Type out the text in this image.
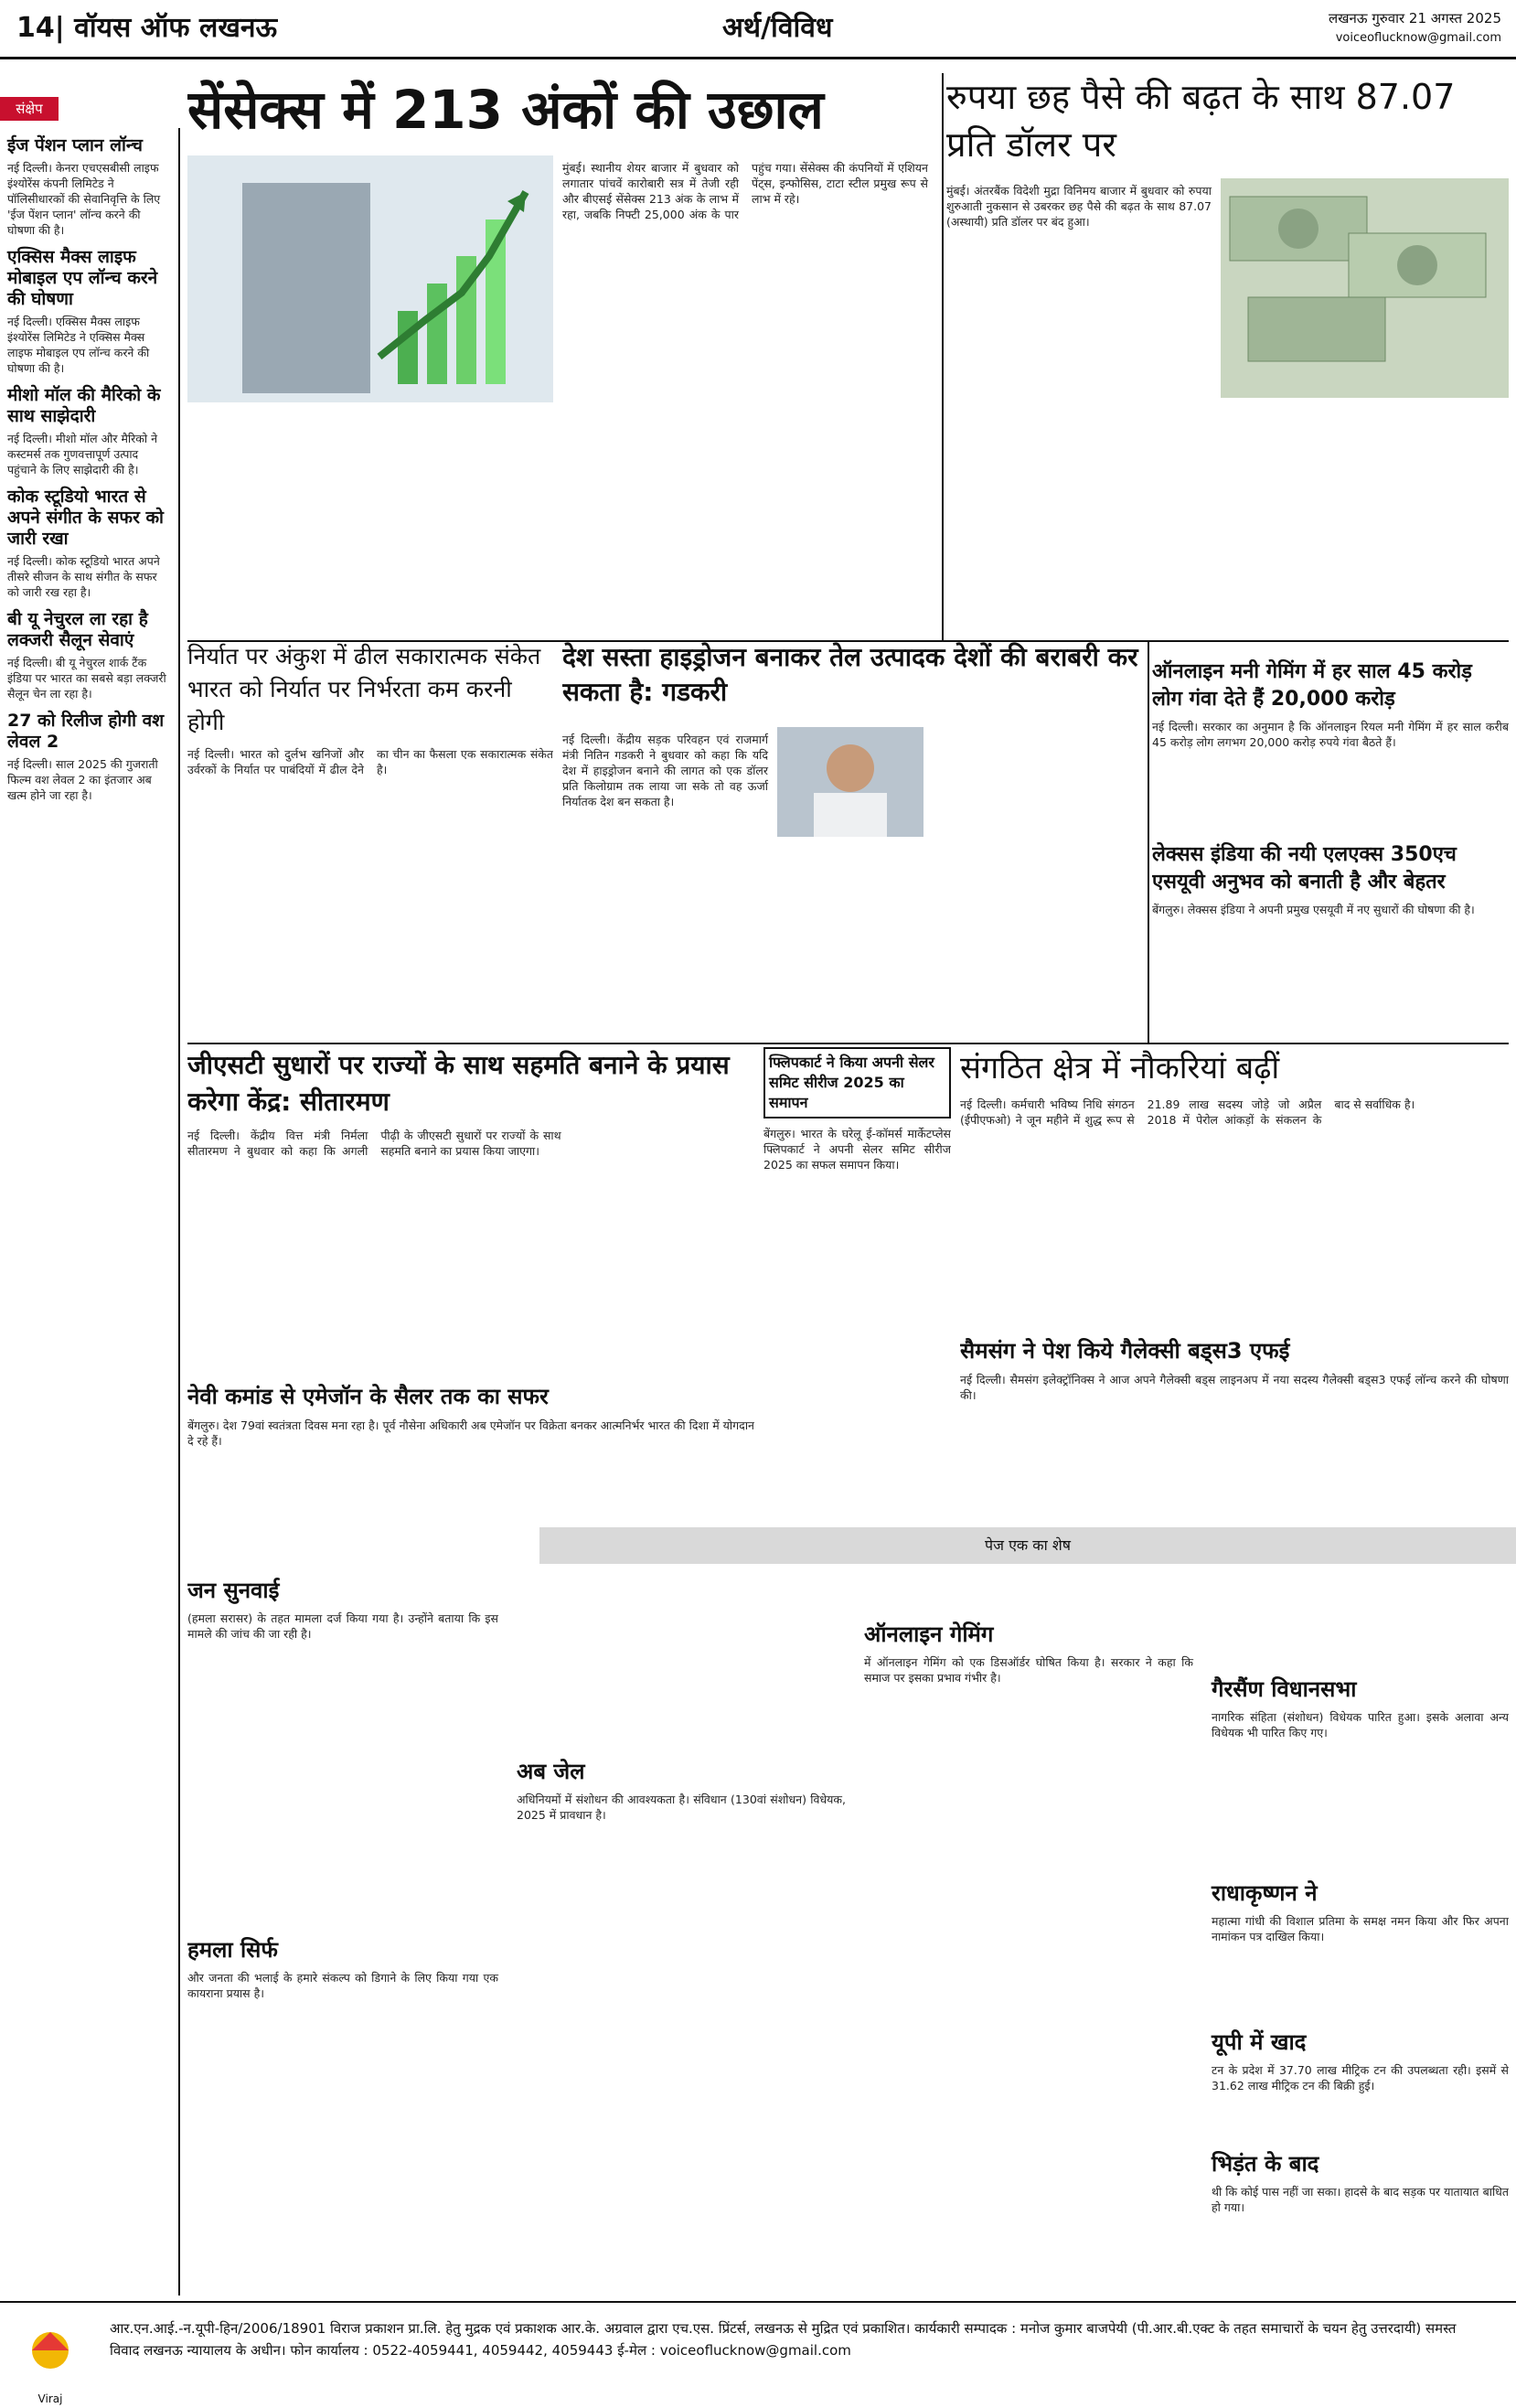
14| वॉयस ऑफ लखनऊ	अर्थ/विविध	लखनऊ गुरुवार 21 अगस्त 2025
voiceoflucknow@gmail.com
संक्षेप
ईज पेंशन प्लान लॉन्च

नई दिल्ली। केनरा एचएसबीसी लाइफ इंश्योरेंस कंपनी लिमिटेड ने पॉलिसीधारकों की सेवानिवृत्ति के लिए 'ईज पेंशन प्लान' लॉन्च करने की घोषणा की है।

एक्सिस मैक्स लाइफ मोबाइल एप लॉन्च करने की घोषणा

नई दिल्ली। एक्सिस मैक्स लाइफ इंश्योरेंस लिमिटेड ने एक्सिस मैक्स लाइफ मोबाइल एप लॉन्च करने की घोषणा की है।

मीशो मॉल की मैरिको के साथ साझेदारी

नई दिल्ली। मीशो मॉल और मैरिको ने कस्टमर्स तक गुणवत्तापूर्ण उत्पाद पहुंचाने के लिए साझेदारी की है।

कोक स्टूडियो भारत से अपने संगीत के सफर को जारी रखा

नई दिल्ली। कोक स्टूडियो भारत अपने तीसरे सीजन के साथ संगीत के सफर को जारी रख रहा है।

बी यू नेचुरल ला रहा है लक्जरी सैलून सेवाएं

नई दिल्ली। बी यू नेचुरल शार्क टैंक इंडिया पर भारत का सबसे बड़ा लक्जरी सैलून चेन ला रहा है।

27 को रिलीज होगी वश लेवल 2

नई दिल्ली। साल 2025 की गुजराती फिल्म वश लेवल 2 का इंतजार अब खत्म होने जा रहा है।

सेंसेक्स में 213 अंकों की उछाल
मुंबई। स्थानीय शेयर बाजार में बुधवार को लगातार पांचवें कारोबारी सत्र में तेजी रही और बीएसई सेंसेक्स 213 अंक के लाभ में रहा, जबकि निफ्टी 25,000 अंक के पार पहुंच गया। सेंसेक्स की कंपनियों में एशियन पेंट्स, इन्फोसिस, टाटा स्टील प्रमुख रूप से लाभ में रहे।
रुपया छह पैसे की बढ़त के साथ 87.07 प्रति डॉलर पर
मुंबई। अंतरबैंक विदेशी मुद्रा विनिमय बाजार में बुधवार को रुपया शुरुआती नुकसान से उबरकर छह पैसे की बढ़त के साथ 87.07 (अस्थायी) प्रति डॉलर पर बंद हुआ।
निर्यात पर अंकुश में ढील सकारात्मक संकेत भारत को निर्यात पर निर्भरता कम करनी होगी
नई दिल्ली। भारत को दुर्लभ खनिजों और उर्वरकों के निर्यात पर पाबंदियों में ढील देने का चीन का फैसला एक सकारात्मक संकेत है।
देश सस्ता हाइड्रोजन बनाकर तेल उत्पादक देशों की बराबरी कर सकता है: गडकरी
नई दिल्ली। केंद्रीय सड़क परिवहन एवं राजमार्ग मंत्री नितिन गडकरी ने बुधवार को कहा कि यदि देश में हाइड्रोजन बनाने की लागत को एक डॉलर प्रति किलोग्राम तक लाया जा सके तो वह ऊर्जा निर्यातक देश बन सकता है।
ऑनलाइन मनी गेमिंग में हर साल 45 करोड़ लोग गंवा देते हैं 20,000 करोड़
नई दिल्ली। सरकार का अनुमान है कि ऑनलाइन रियल मनी गेमिंग में हर साल करीब 45 करोड़ लोग लगभग 20,000 करोड़ रुपये गंवा बैठते हैं।
लेक्सस इंडिया की नयी एलएक्स 350एच एसयूवी अनुभव को बनाती है और बेहतर
बेंगलुरु। लेक्सस इंडिया ने अपनी प्रमुख एसयूवी में नए सुधारों की घोषणा की है।
जीएसटी सुधारों पर राज्यों के साथ सहमति बनाने के प्रयास करेगा केंद्र: सीतारमण
नई दिल्ली। केंद्रीय वित्त मंत्री निर्मला सीतारमण ने बुधवार को कहा कि अगली पीढ़ी के जीएसटी सुधारों पर राज्यों के साथ सहमति बनाने का प्रयास किया जाएगा।
फ्लिपकार्ट ने किया अपनी सेलर समिट सीरीज 2025 का समापन
बेंगलुरु। भारत के घरेलू ई-कॉमर्स मार्केटप्लेस फ्लिपकार्ट ने अपनी सेलर समिट सीरीज 2025 का सफल समापन किया।
संगठित क्षेत्र में नौकरियां बढ़ीं
नई दिल्ली। कर्मचारी भविष्य निधि संगठन (ईपीएफओ) ने जून महीने में शुद्ध रूप से 21.89 लाख सदस्य जोड़े जो अप्रैल 2018 में पेरोल आंकड़ों के संकलन के बाद से सर्वाधिक है।
नेवी कमांड से एमेजॉन के सैलर तक का सफर
बेंगलुरु। देश 79वां स्वतंत्रता दिवस मना रहा है। पूर्व नौसेना अधिकारी अब एमेजॉन पर विक्रेता बनकर आत्मनिर्भर भारत की दिशा में योगदान दे रहे हैं।
सैमसंग ने पेश किये गैलेक्सी बड्स3 एफई
नई दिल्ली। सैमसंग इलेक्ट्रॉनिक्स ने आज अपने गैलेक्सी बड्स लाइनअप में नया सदस्य गैलेक्सी बड्स3 एफई लॉन्च करने की घोषणा की।
पेज एक का शेष
जन सुनवाई
(हमला सरासर) के तहत मामला दर्ज किया गया है। उन्होंने बताया कि इस मामले की जांच की जा रही है।
हमला सिर्फ
और जनता की भलाई के हमारे संकल्प को डिगाने के लिए किया गया एक कायराना प्रयास है।
अब जेल
अधिनियमों में संशोधन की आवश्यकता है। संविधान (130वां संशोधन) विधेयक, 2025 में प्रावधान है।
ऑनलाइन गेमिंग
में ऑनलाइन गेमिंग को एक डिसऑर्डर घोषित किया है। सरकार ने कहा कि समाज पर इसका प्रभाव गंभीर है।	गैरसैंण विधानसभा
नागरिक संहिता (संशोधन) विधेयक पारित हुआ। इसके अलावा अन्य विधेयक भी पारित किए गए।
राधाकृष्णन ने
महात्मा गांधी की विशाल प्रतिमा के समक्ष नमन किया और फिर अपना नामांकन पत्र दाखिल किया।
यूपी में खाद
टन के प्रदेश में 37.70 लाख मीट्रिक टन की उपलब्धता रही। इसमें से 31.62 लाख मीट्रिक टन की बिक्री हुई।
भिड़ंत के बाद
थी कि कोई पास नहीं जा सका। हादसे के बाद सड़क पर यातायात बाधित हो गया।
Viraj
आर.एन.आई.-न.यूपी-हिन/2006/18901 विराज प्रकाशन प्रा.लि. हेतु मुद्रक एवं प्रकाशक आर.के. अग्रवाल द्वारा एच.एस. प्रिंटर्स, लखनऊ से मुद्रित एवं प्रकाशित। कार्यकारी सम्पादक : मनोज कुमार बाजपेयी (पी.आर.बी.एक्ट के तहत समाचारों के चयन हेतु उत्तरदायी) समस्त विवाद लखनऊ न्यायालय के अधीन। फोन कार्यालय : 0522-4059441, 4059442, 4059443 ई-मेल : voiceoflucknow@gmail.com
